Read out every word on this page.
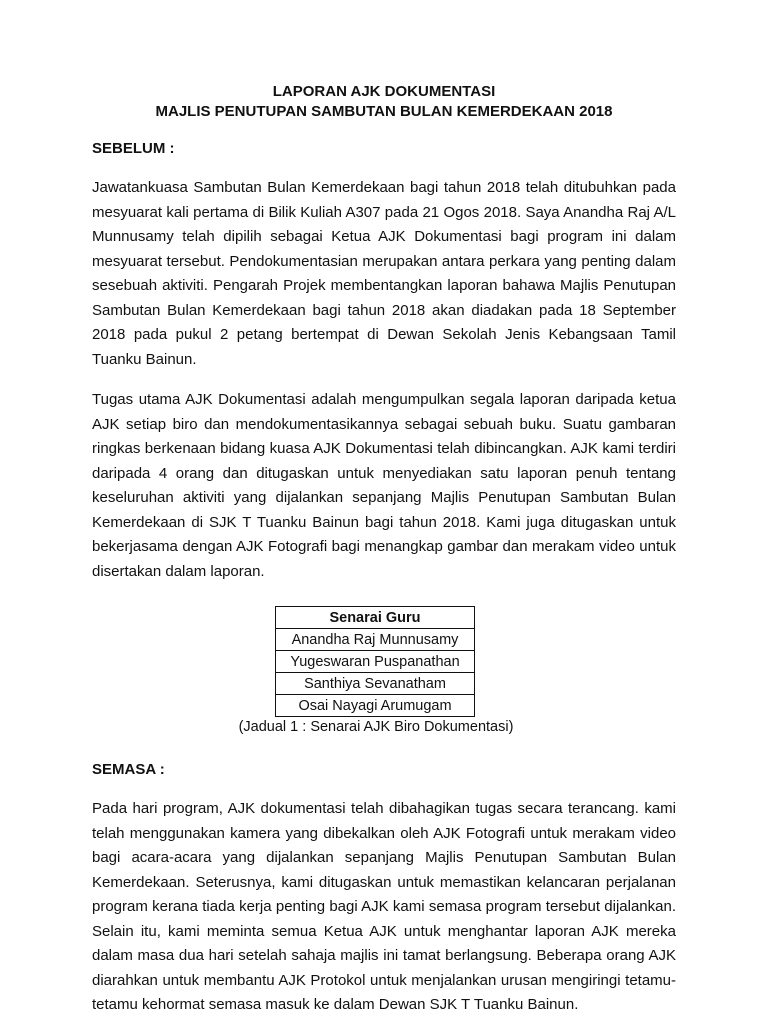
LAPORAN AJK DOKUMENTASI

MAJLIS PENUTUPAN SAMBUTAN BULAN KEMERDEKAAN 2018

SEBELUM :

Jawatankuasa Sambutan Bulan Kemerdekaan bagi tahun 2018 telah ditubuhkan pada mesyuarat kali pertama di Bilik Kuliah A307 pada 21 Ogos 2018. Saya Anandha Raj A/L Munnusamy telah dipilih sebagai Ketua AJK Dokumentasi bagi program ini dalam mesyuarat tersebut. Pendokumentasian merupakan antara perkara yang penting dalam sesebuah aktiviti. Pengarah Projek membentangkan laporan bahawa Majlis Penutupan Sambutan Bulan Kemerdekaan bagi tahun 2018 akan diadakan pada 18 September 2018 pada pukul 2 petang bertempat di Dewan Sekolah Jenis Kebangsaan Tamil Tuanku Bainun.

Tugas utama AJK Dokumentasi adalah mengumpulkan segala laporan daripada ketua AJK setiap biro dan mendokumentasikannya sebagai sebuah buku. Suatu gambaran ringkas berkenaan bidang kuasa AJK Dokumentasi telah dibincangkan. AJK kami terdiri daripada 4 orang dan ditugaskan untuk menyediakan satu laporan penuh tentang keseluruhan aktiviti yang dijalankan sepanjang Majlis Penutupan Sambutan Bulan Kemerdekaan di SJK T Tuanku Bainun bagi tahun 2018. Kami juga ditugaskan untuk bekerjasama dengan AJK Fotografi bagi menangkap gambar dan merakam video untuk disertakan dalam laporan.

Senarai Guru
Anandha Raj Munnusamy
Yugeswaran Puspanathan
Santhiya Sevanatham
Osai Nayagi Arumugam

(Jadual 1 : Senarai AJK Biro Dokumentasi)

SEMASA :

Pada hari program, AJK dokumentasi telah dibahagikan tugas secara terancang. kami telah menggunakan kamera yang dibekalkan oleh AJK Fotografi untuk merakam video bagi acara-acara yang dijalankan sepanjang Majlis Penutupan Sambutan Bulan Kemerdekaan. Seterusnya, kami ditugaskan untuk memastikan kelancaran perjalanan program kerana tiada kerja penting bagi AJK kami semasa program tersebut dijalankan. Selain itu, kami meminta semua Ketua AJK untuk menghantar laporan AJK mereka dalam masa dua hari setelah sahaja majlis ini tamat berlangsung. Beberapa orang AJK diarahkan untuk membantu AJK Protokol untuk menjalankan urusan mengiringi tetamu-tetamu kehormat semasa masuk ke dalam Dewan SJK T Tuanku Bainun.
